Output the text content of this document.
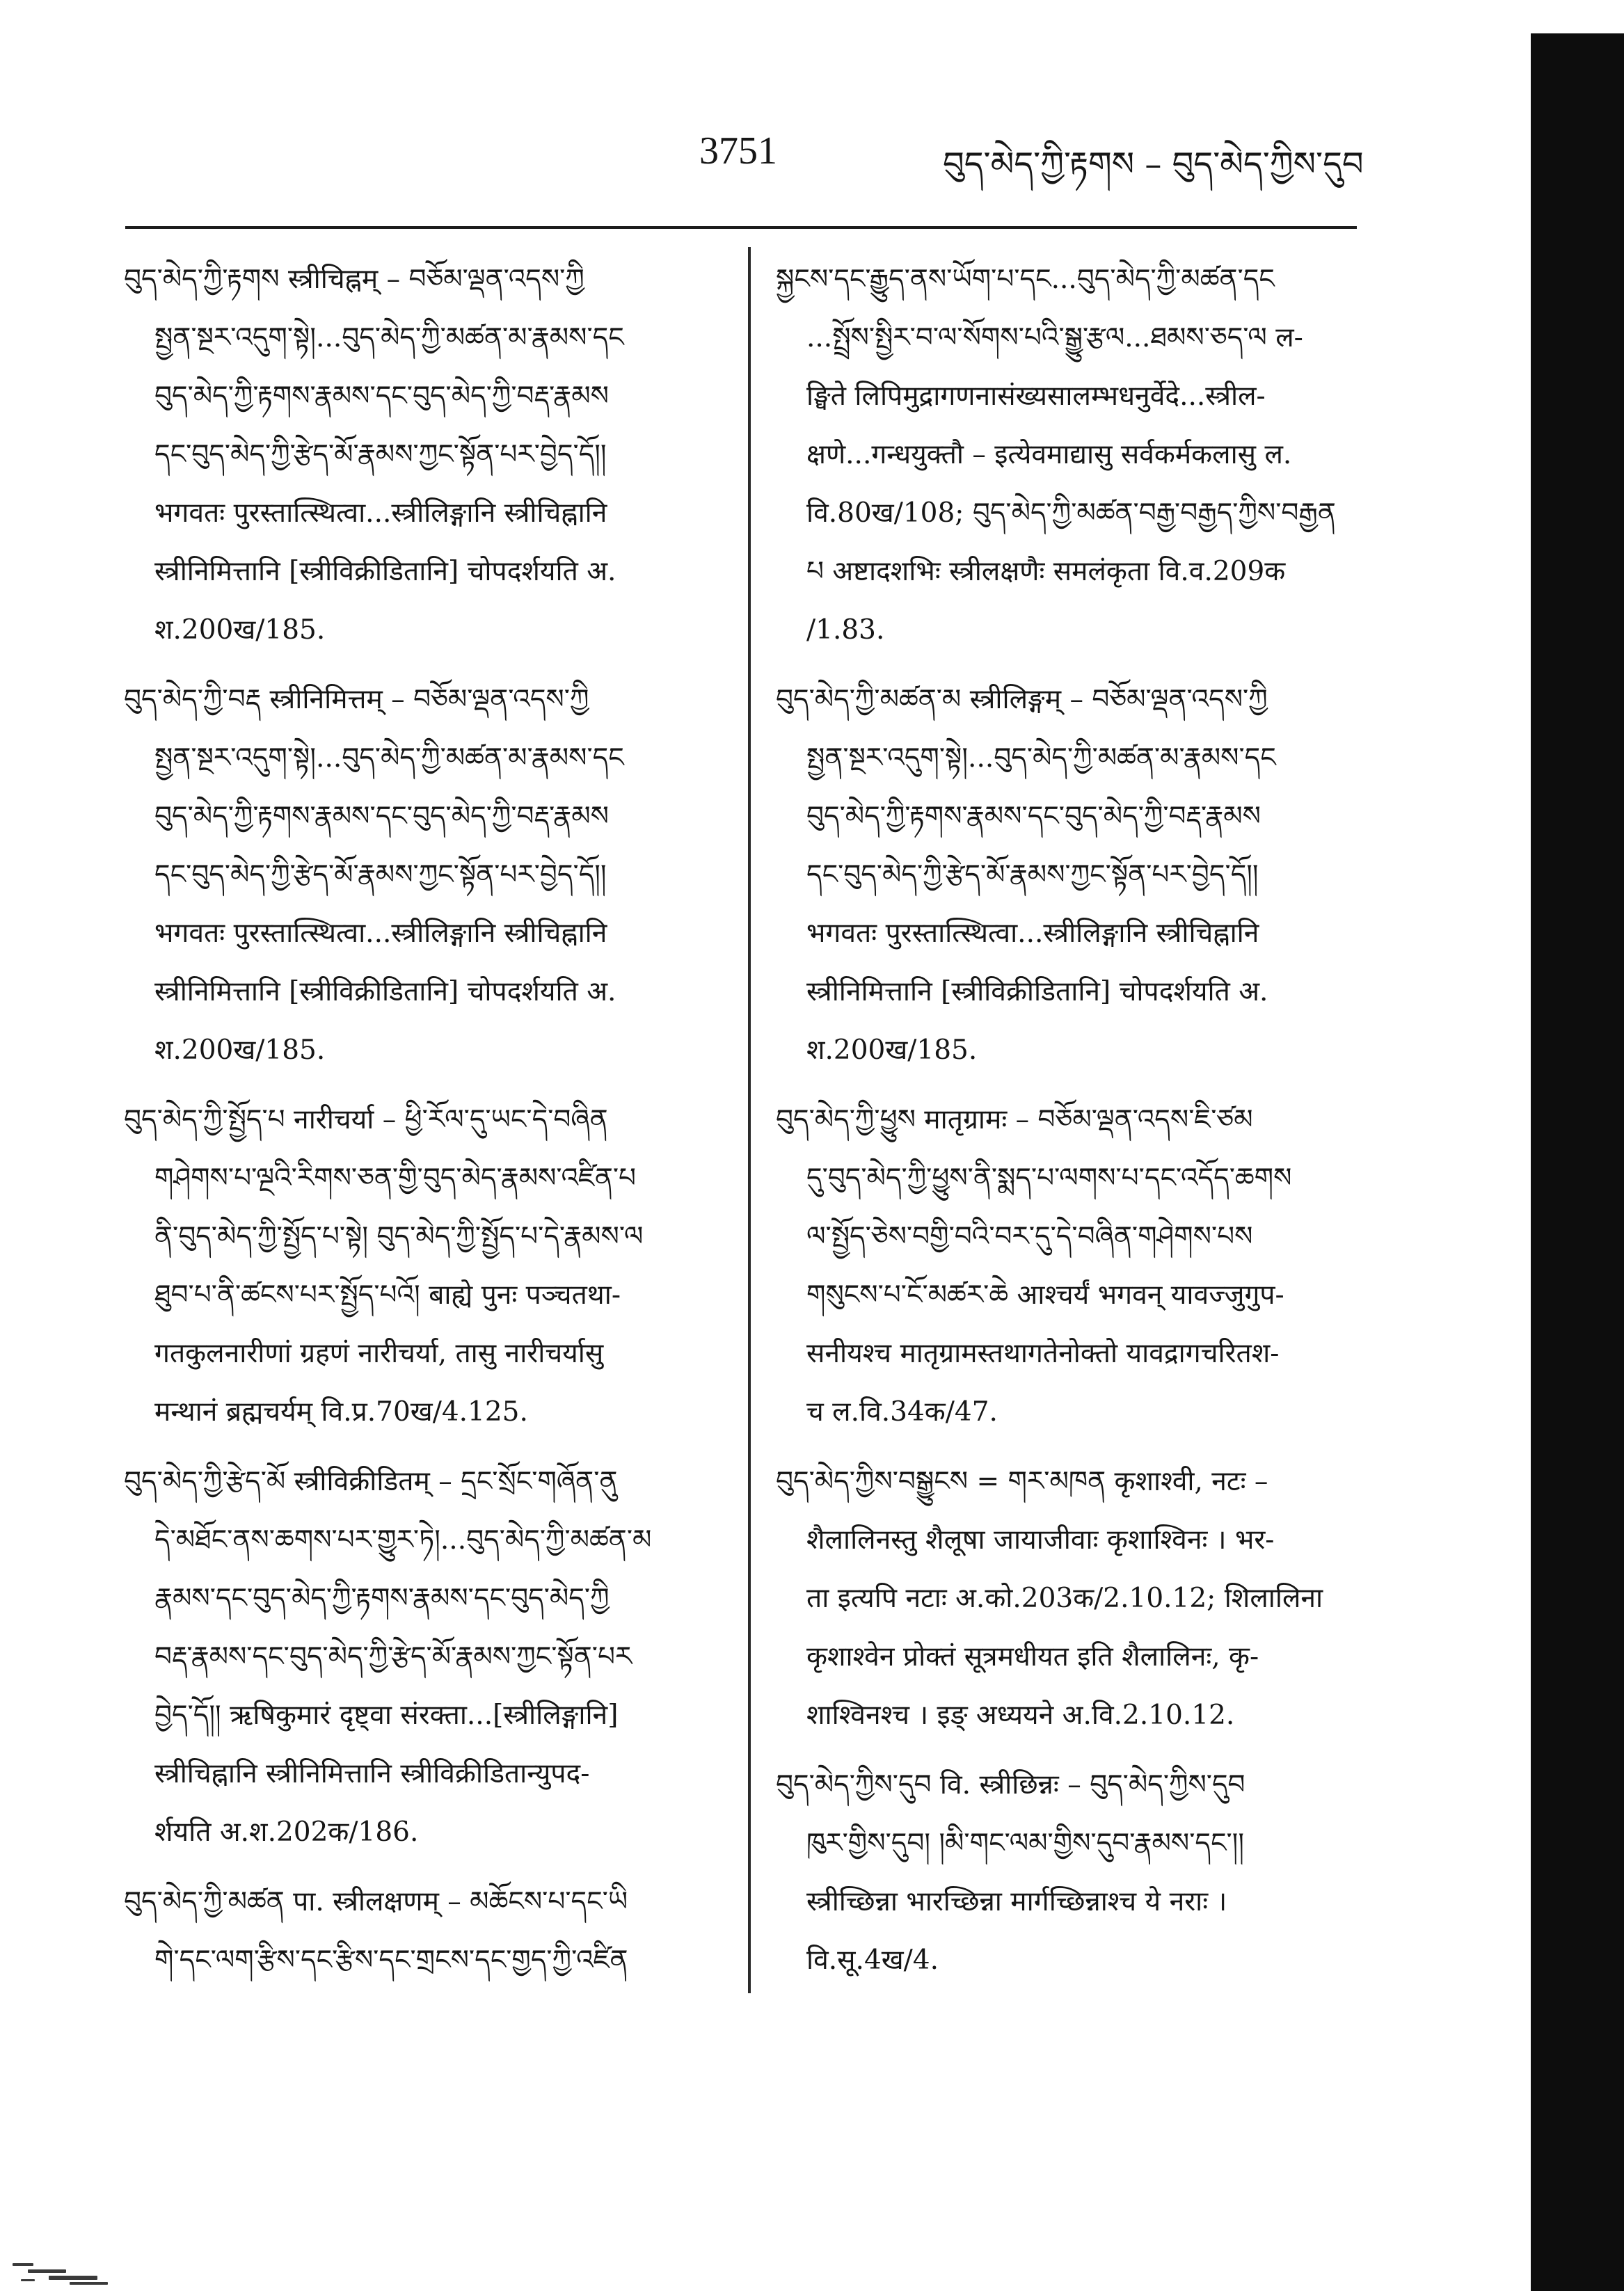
3751	བུད་མེད་ཀྱི་རྟགས – བུད་མེད་ཀྱིས་དུབ
བུད་མེད་ཀྱི་རྟགས स्त्रीचिह्नम् – བཅོམ་ལྡན་འདས་ཀྱི
སྤྱན་སྔར་འདུག་སྟེ།...བུད་མེད་ཀྱི་མཚན་མ་རྣམས་དང
བུད་མེད་ཀྱི་རྟགས་རྣམས་དང་བུད་མེད་ཀྱི་བརྡ་རྣམས
དང་བུད་མེད་ཀྱི་རྩེད་མོ་རྣམས་ཀྱང་སྟོན་པར་བྱེད་དོ།།
भगवतः पुरस्तात्स्थित्वा...स्त्रीलिङ्गानि स्त्रीचिह्नानि
स्त्रीनिमित्तानि [स्त्रीविक्रीडितानि] चोपदर्शयति अ.
श.200ख/185.
བུད་མེད་ཀྱི་བརྡ स्त्रीनिमित्तम् – བཅོམ་ལྡན་འདས་ཀྱི
སྤྱན་སྔར་འདུག་སྟེ།...བུད་མེད་ཀྱི་མཚན་མ་རྣམས་དང
བུད་མེད་ཀྱི་རྟགས་རྣམས་དང་བུད་མེད་ཀྱི་བརྡ་རྣམས
དང་བུད་མེད་ཀྱི་རྩེད་མོ་རྣམས་ཀྱང་སྟོན་པར་བྱེད་དོ།།
भगवतः पुरस्तात्स्थित्वा...स्त्रीलिङ्गानि स्त्रीचिह्नानि
स्त्रीनिमित्तानि [स्त्रीविक्रीडितानि] चोपदर्शयति अ.
श.200ख/185.
བུད་མེད་ཀྱི་སྤྱོད་པ नारीचर्या – ཕྱི་རོལ་དུ་ཡང་དེ་བཞིན
གཤེགས་པ་ལྔའི་རིགས་ཅན་གྱི་བུད་མེད་རྣམས་འཛིན་པ
ནི་བུད་མེད་ཀྱི་སྤྱོད་པ་སྟེ། བུད་མེད་ཀྱི་སྤྱོད་པ་དེ་རྣམས་ལ
ཐུབ་པ་ནི་ཚངས་པར་སྤྱོད་པའོ། बाह्ये पुनः पञ्चतथा-
गतकुलनारीणां ग्रहणं नारीचर्या, तासु नारीचर्यासु
मन्थानं ब्रह्मचर्यम् वि.प्र.70ख/4.125.
བུད་མེད་ཀྱི་རྩེད་མོ स्त्रीविक्रीडितम् – དྲང་སྲོང་གཞོན་ནུ
དེ་མཐོང་ནས་ཆགས་པར་གྱུར་ཏེ།...བུད་མེད་ཀྱི་མཚན་མ
རྣམས་དང་བུད་མེད་ཀྱི་རྟགས་རྣམས་དང་བུད་མེད་ཀྱི
བརྡ་རྣམས་དང་བུད་མེད་ཀྱི་རྩེད་མོ་རྣམས་ཀྱང་སྟོན་པར
བྱེད་དོ།། ऋषिकुमारं दृष्ट्वा संरक्ता...[स्त्रीलिङ्गानि]
स्त्रीचिह्नानि स्त्रीनिमित्तानि स्त्रीविक्रीडितान्युपद-
र्शयति अ.श.202क/186.
བུད་མེད་ཀྱི་མཚན पा. स्त्रीलक्षणम् – མཆོངས་པ་དང་ཡི
གེ་དང་ལག་རྩིས་དང་རྩིས་དང་གྲངས་དང་གྱད་ཀྱི་འཛིན
སྐྱངས་དང་རྒྱུད་ནས་ཡོག་པ་དང...བུད་མེད་ཀྱི་མཚན་དང
...སྤྲོས་སྤྱིར་བ་ལ་སོགས་པའི་སྒྱུ་རྩལ...ཐམས་ཅད་ལ ल-
ङ्घिते लिपिमुद्रागणनासंख्यसालम्भधनुर्वेदे...स्त्रील-
क्षणे...गन्धयुक्तौ – इत्येवमाद्यासु सर्वकर्मकलासु ल.
वि.80ख/108; བུད་མེད་ཀྱི་མཚན་བརྒྱ་བརྒྱད་ཀྱིས་བརྒྱན
པ अष्टादशभिः स्त्रीलक्षणैः समलंकृता वि.व.209क
/1.83.
བུད་མེད་ཀྱི་མཚན་མ स्त्रीलिङ्गम् – བཅོམ་ལྡན་འདས་ཀྱི
སྤྱན་སྔར་འདུག་སྟེ།...བུད་མེད་ཀྱི་མཚན་མ་རྣམས་དང
བུད་མེད་ཀྱི་རྟགས་རྣམས་དང་བུད་མེད་ཀྱི་བརྡ་རྣམས
དང་བུད་མེད་ཀྱི་རྩེད་མོ་རྣམས་ཀྱང་སྟོན་པར་བྱེད་དོ།།
भगवतः पुरस्तात्स्थित्वा...स्त्रीलिङ्गानि स्त्रीचिह्नानि
स्त्रीनिमित्तानि [स्त्रीविक्रीडितानि] चोपदर्शयति अ.
श.200ख/185.
བུད་མེད་ཀྱི་ཕྱུས मातृग्रामः – བཅོམ་ལྡན་འདས་ཇི་ཙམ
དུ་བུད་མེད་ཀྱི་ཕྱུས་ནི་སྨད་པ་ལགས་པ་དང་འདོད་ཆགས
ལ་སྤྱོད་ཅེས་བགྱི་བའི་བར་དུ་དེ་བཞིན་གཤེགས་པས
གསུངས་པ་ངོ་མཚར་ཆེ आश्चर्यं भगवन् यावज्जुगुप-
सनीयश्च मातृग्रामस्तथागतेनोक्तो यावद्रागचरितश-
च ल.वि.34क/47.
བུད་མེད་ཀྱིས་བསྒྱུངས = གར་མཁན कृशाश्वी, नटः –
शैलालिनस्तु शैलूषा जायाजीवाः कृशाश्विनः । भर-
ता इत्यपि नटाः अ.को.203क/2.10.12; शिलालिना
कृशाश्वेन प्रोक्तं सूत्रमधीयत इति शैलालिनः, कृ-
शाश्विनश्च । इङ् अध्ययने अ.वि.2.10.12.
བུད་མེད་ཀྱིས་དུབ वि. स्त्रीछिन्नः – བུད་མེད་ཀྱིས་དུབ
ཁུར་གྱིས་དུབ། །མི་གང་ལམ་གྱིས་དུབ་རྣམས་དང་།།
स्त्रीच्छिन्ना भारच्छिन्ना मार्गच्छिन्नाश्च ये नराः ।
वि.सू.4ख/4.
